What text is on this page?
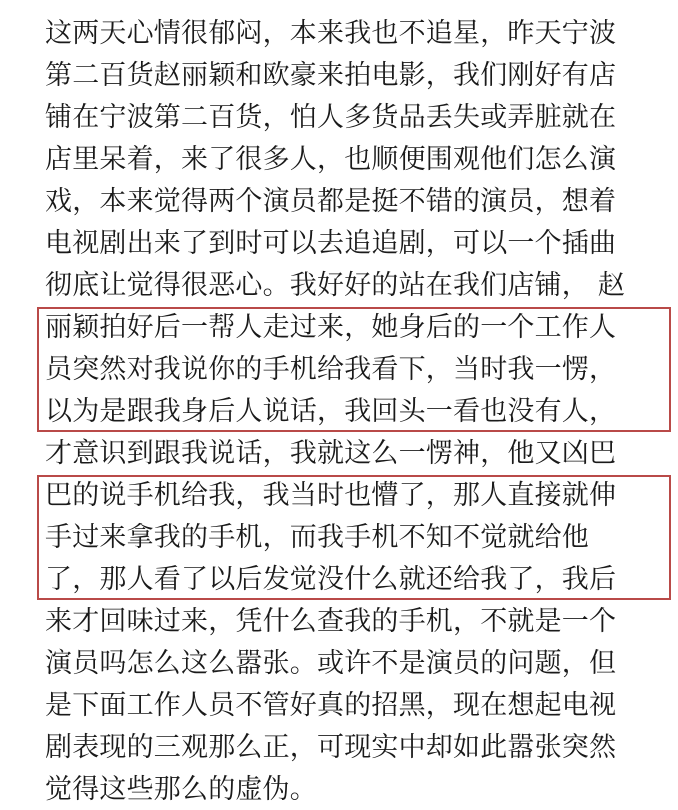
这两天心情很郁闷，本来我也不追星，昨天宁波
第二百货赵丽颖和欧豪来拍电影，我们刚好有店
铺在宁波第二百货，怕人多货品丢失或弄脏就在
店里呆着，来了很多人，也顺便围观他们怎么演
戏，本来觉得两个演员都是挺不错的演员，想着
电视剧出来了到时可以去追追剧，可以一个插曲
彻底让觉得很恶心。我好好的站在我们店铺， 赵
丽颖拍好后一帮人走过来，她身后的一个工作人
员突然对我说你的手机给我看下，当时我一愣，
以为是跟我身后人说话，我回头一看也没有人，
才意识到跟我说话，我就这么一愣神，他又凶巴
巴的说手机给我，我当时也懵了，那人直接就伸
手过来拿我的手机，而我手机不知不觉就给他
了，那人看了以后发觉没什么就还给我了，我后
来才回味过来，凭什么查我的手机，不就是一个
演员吗怎么这么嚣张。或许不是演员的问题，但
是下面工作人员不管好真的招黑，现在想起电视
剧表现的三观那么正，可现实中却如此嚣张突然
觉得这些那么的虚伪。
